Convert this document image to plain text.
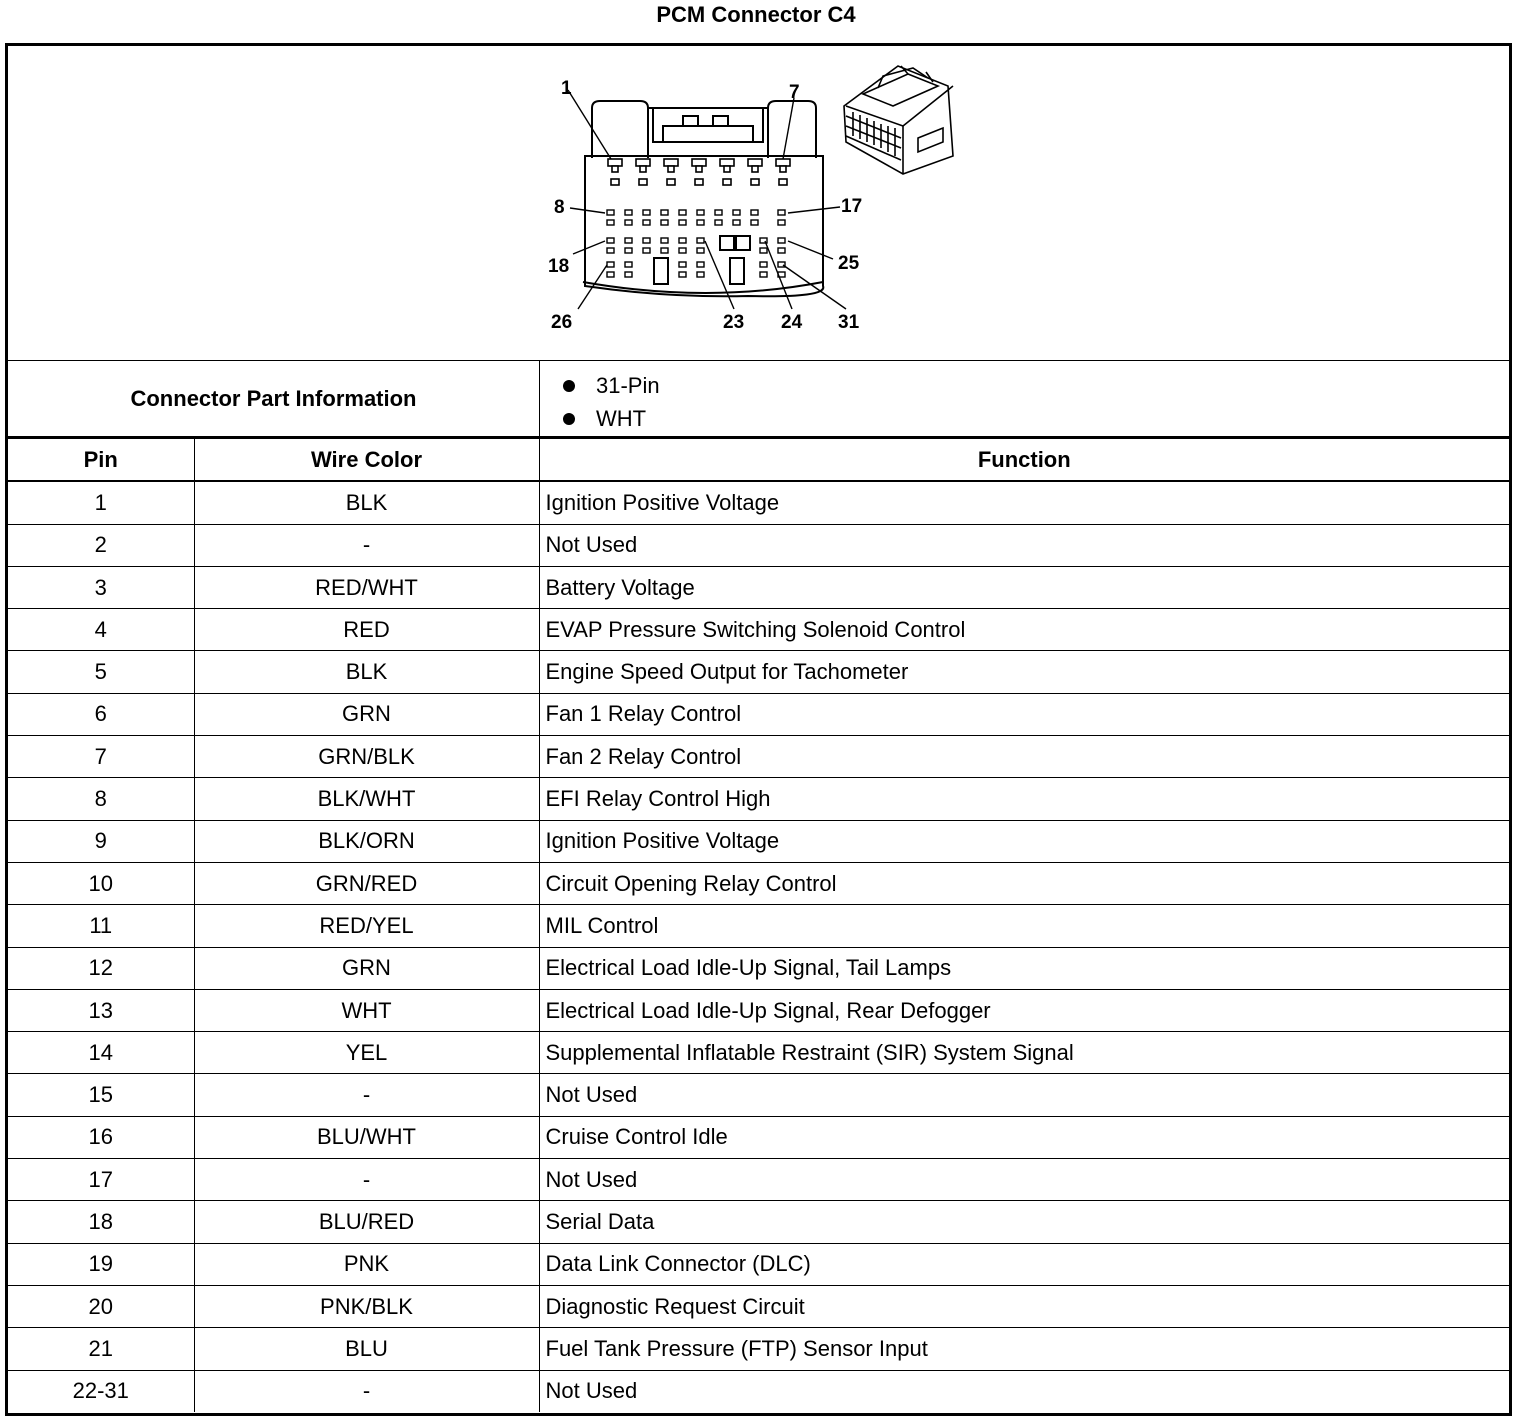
PCM Connector C4
1	7
8	17
18	25
26	23 24 31
Connector Part Information	31-Pin
WHT
Pin	Wire Color	Function
1	BLK	Ignition Positive Voltage
2	-	Not Used
3	RED/WHT	Battery Voltage
4	RED	EVAP Pressure Switching Solenoid Control
5	BLK	Engine Speed Output for Tachometer
6	GRN	Fan 1 Relay Control
7	GRN/BLK	Fan 2 Relay Control
8	BLK/WHT	EFI Relay Control High
9	BLK/ORN	Ignition Positive Voltage
10	GRN/RED	Circuit Opening Relay Control
11	RED/YEL	MIL Control
12	GRN	Electrical Load Idle-Up Signal, Tail Lamps
13	WHT	Electrical Load Idle-Up Signal, Rear Defogger
14	YEL	Supplemental Inflatable Restraint (SIR) System Signal
15	-	Not Used
16	BLU/WHT	Cruise Control Idle
17	-	Not Used
18	BLU/RED	Serial Data
19	PNK	Data Link Connector (DLC)
20	PNK/BLK	Diagnostic Request Circuit
21	BLU	Fuel Tank Pressure (FTP) Sensor Input
22-31	-	Not Used
